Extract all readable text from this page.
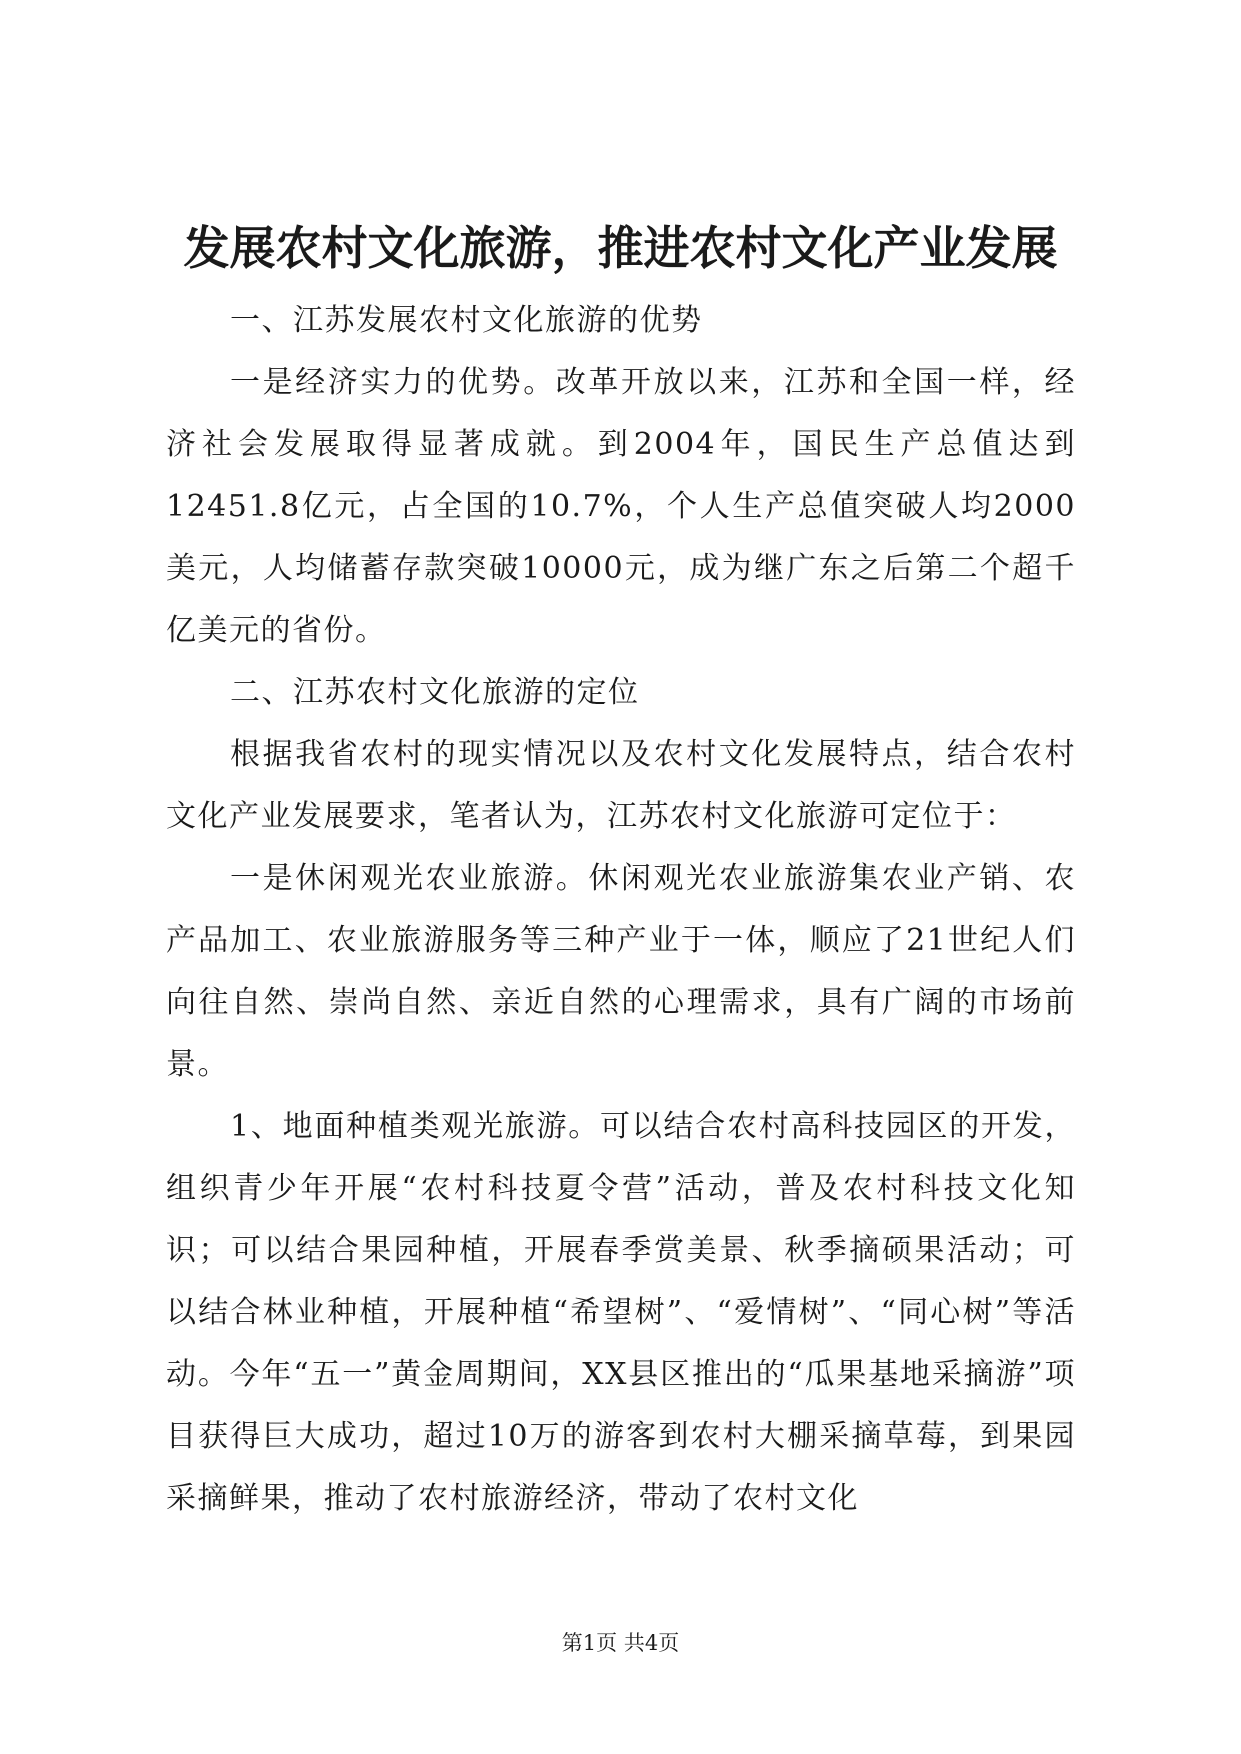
发展农村文化旅游，推进农村文化产业发展

一、江苏发展农村文化旅游的优势

一是经济实力的优势。改革开放以来，江苏和全国一样，经济社会发展取得显著成就。到2004年，国民生产总值达到12451.8亿元，占全国的10.7%，个人生产总值突破人均2000美元，人均储蓄存款突破10000元，成为继广东之后第二个超千亿美元的省份。

二、江苏农村文化旅游的定位

根据我省农村的现实情况以及农村文化发展特点，结合农村文化产业发展要求，笔者认为，江苏农村文化旅游可定位于：

一是休闲观光农业旅游。休闲观光农业旅游集农业产销、农产品加工、农业旅游服务等三种产业于一体，顺应了21世纪人们向往自然、崇尚自然、亲近自然的心理需求，具有广阔的市场前景。

1、地面种植类观光旅游。可以结合农村高科技园区的开发，组织青少年开展“农村科技夏令营”活动，普及农村科技文化知识；可以结合果园种植，开展春季赏美景、秋季摘硕果活动；可以结合林业种植，开展种植“希望树”、“爱情树”、“同心树”等活动。今年“五一”黄金周期间，XX县区推出的“瓜果基地采摘游”项目获得巨大成功，超过10万的游客到农村大棚采摘草莓，到果园采摘鲜果，推动了农村旅游经济，带动了农村文化

第1页 共4页
